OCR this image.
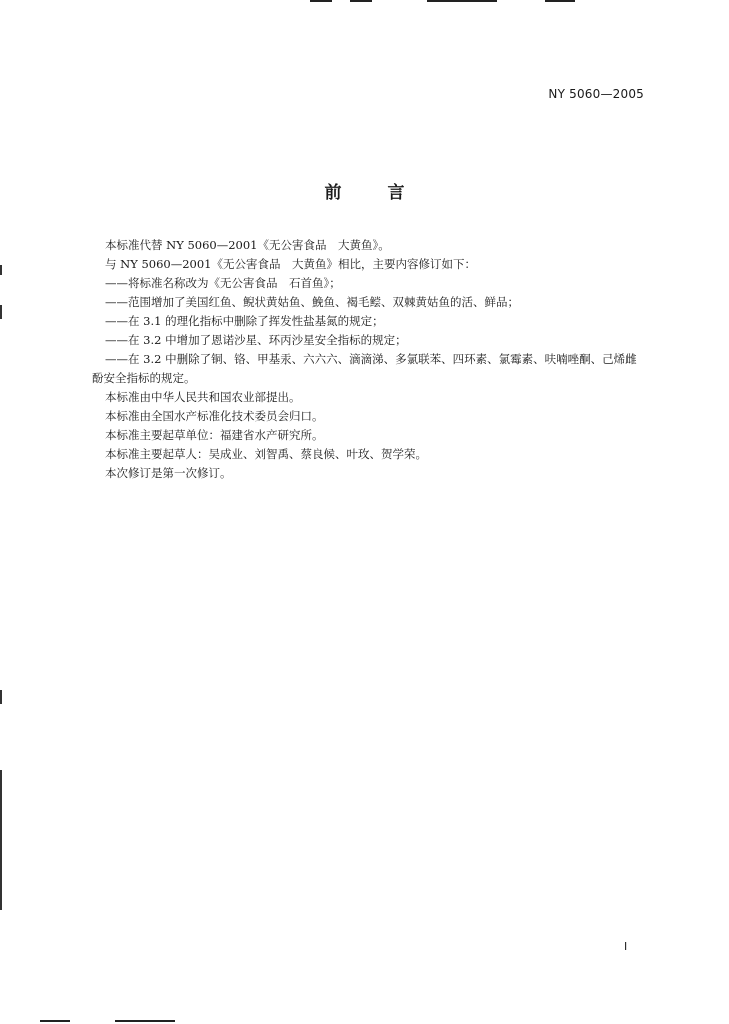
NY 5060—2005
前	言
本标准代替 NY 5060—2001《无公害食品　大黄鱼》。
与 NY 5060—2001《无公害食品　大黄鱼》相比，主要内容修订如下：
——将标准名称改为《无公害食品　石首鱼》；
——范围增加了美国红鱼、鲵状黄姑鱼、鮸鱼、褐毛鲿、双棘黄姑鱼的活、鲜品；
——在 3.1 的理化指标中删除了挥发性盐基氮的规定；
——在 3.2 中增加了恩诺沙星、环丙沙星安全指标的规定；
——在 3.2 中删除了铜、铬、甲基汞、六六六、滴滴涕、多氯联苯、四环素、氯霉素、呋喃唑酮、己烯雌
酚安全指标的规定。
本标准由中华人民共和国农业部提出。
本标准由全国水产标准化技术委员会归口。
本标准主要起草单位：福建省水产研究所。
本标准主要起草人：吴成业、刘智禹、蔡良候、叶玫、贺学荣。
本次修订是第一次修订。
I
